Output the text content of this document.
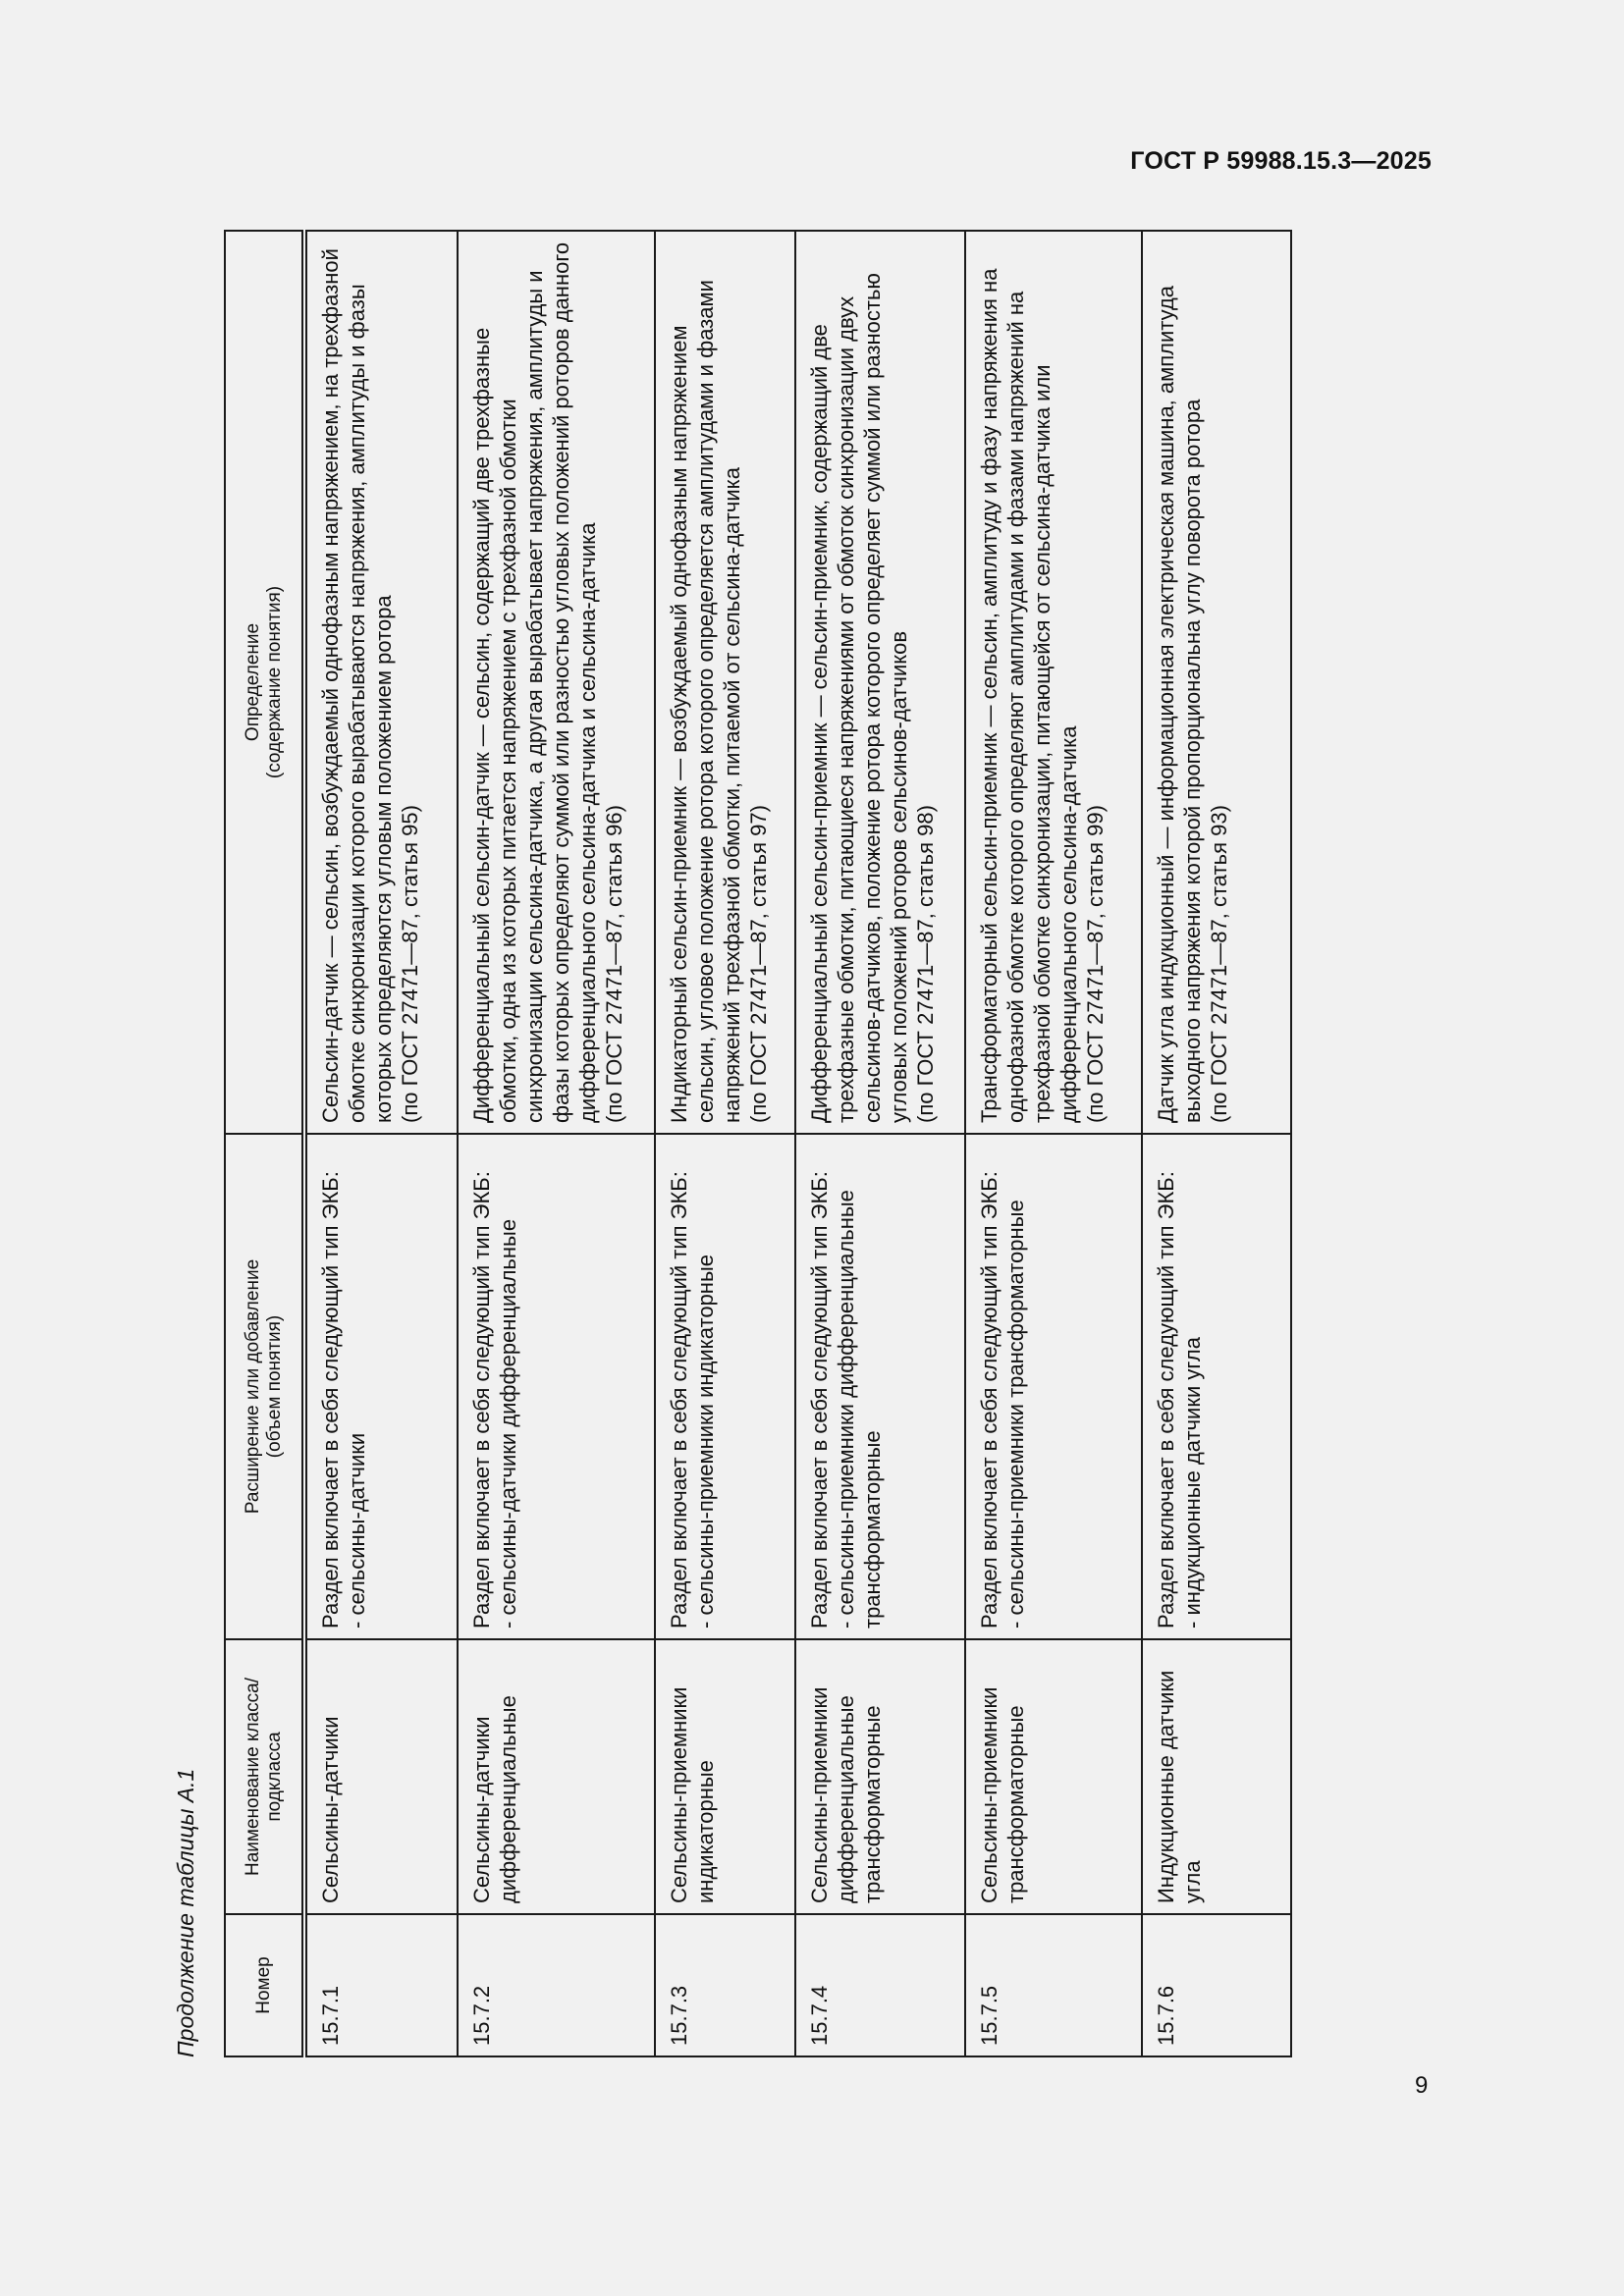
ГОСТ Р 59988.15.3—2025
Продолжение таблицы А.1	Номер	Наименование класса/
подкласса	Расширение или добавление
(объем понятия)	Определение
(содержание понятия)
15.7.1	Сельсины-датчики	Раздел включает в себя следующий тип ЭКБ:
- сельсины-датчики	Сельсин-датчик — сельсин, возбуждаемый однофазным напряжением, на трехфазной обмотке синхронизации которого вырабатываются напряжения, амплитуды и фазы которых определяются угловым положением ротора
(по ГОСТ 27471—87, статья 95)
15.7.2	Сельсины-датчики дифференциальные	Раздел включает в себя следующий тип ЭКБ:
- сельсины-датчики дифференциальные	Дифференциальный сельсин-датчик — сельсин, содержащий две трехфазные обмотки, одна из которых питается напряжением с трехфазной обмотки синхронизации сельсина-датчика, а другая вырабатывает напряжения, амплитуды и фазы которых определяют суммой или разностью угловых положений роторов данного дифференциального сельсина-датчика и сельсина-датчика
(по ГОСТ 27471—87, статья 96)
15.7.3	Сельсины-приемники индикаторные	Раздел включает в себя следующий тип ЭКБ:
- сельсины-приемники индикаторные	Индикаторный сельсин-приемник — возбуждаемый однофазным напряжением сельсин, угловое положение ротора которого определяется амплитудами и фазами напряжений трехфазной обмотки, питаемой от сельсина-датчика
(по ГОСТ 27471—87, статья 97)
15.7.4	Сельсины-приемники дифференциальные трансформаторные	Раздел включает в себя следующий тип ЭКБ:
- сельсины-приемники дифференциальные трансформаторные	Дифференциальный сельсин-приемник — сельсин-приемник, содержащий две трехфазные обмотки, питающиеся напряжениями от обмоток синхронизации двух сельсинов-датчиков, положение ротора которого определяет суммой или разностью угловых положений роторов сельсинов-датчиков
(по ГОСТ 27471—87, статья 98)
15.7.5	Сельсины-приемники трансформаторные	Раздел включает в себя следующий тип ЭКБ:
- сельсины-приемники трансформаторные	Трансформаторный сельсин-приемник — сельсин, амплитуду и фазу напряжения на однофазной обмотке которого определяют амплитудами и фазами напряжений на трехфазной обмотке синхронизации, питающейся от сельсина-датчика или дифференциального сельсина-датчика
(по ГОСТ 27471—87, статья 99)
15.7.6	Индукционные датчики угла	Раздел включает в себя следующий тип ЭКБ:
- индукционные датчики угла	Датчик угла индукционный — информационная электрическая машина, амплитуда выходного напряжения которой пропорциональна углу поворота ротора
(по ГОСТ 27471—87, статья 93)
9
